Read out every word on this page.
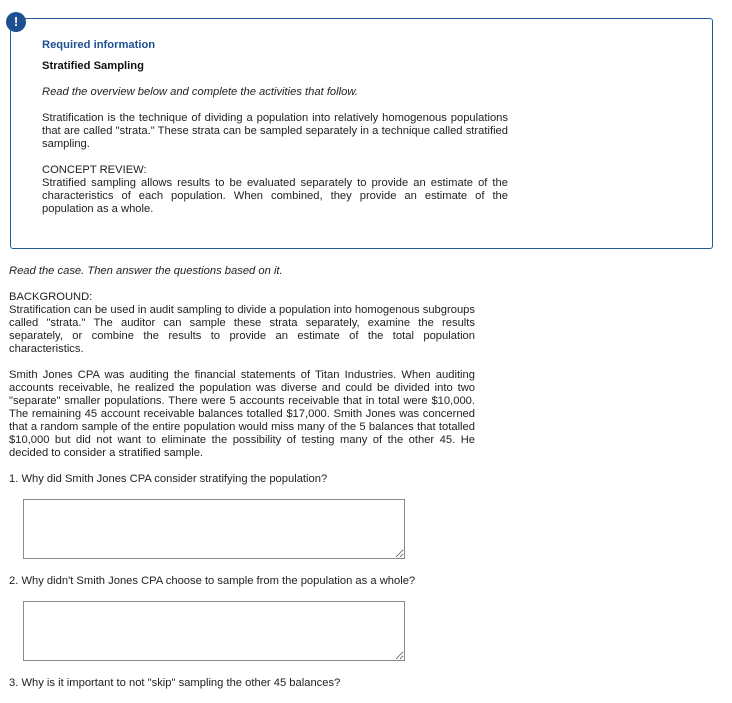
Required information

Stratified Sampling

Read the overview below and complete the activities that follow.

Stratification is the technique of dividing a population into relatively homogenous populations that are called "strata." These strata can be sampled separately in a technique called stratified sampling.

CONCEPT REVIEW:

Stratified sampling allows results to be evaluated separately to provide an estimate of the characteristics of each population. When combined, they provide an estimate of the population as a whole.

!

Read the case. Then answer the questions based on it.

BACKGROUND:

Stratification can be used in audit sampling to divide a population into homogenous subgroups called "strata." The auditor can sample these strata separately, examine the results separately, or combine the results to provide an estimate of the total population characteristics.

Smith Jones CPA was auditing the financial statements of Titan Industries. When auditing accounts receivable, he realized the population was diverse and could be divided into two "separate" smaller populations. There were 5 accounts receivable that in total were $10,000. The remaining 45 account receivable balances totalled $17,000. Smith Jones was concerned that a random sample of the entire population would miss many of the 5 balances that totalled $10,000 but did not want to eliminate the possibility of testing many of the other 45. He decided to consider a stratified sample.

1. Why did Smith Jones CPA consider stratifying the population?

2. Why didn't Smith Jones CPA choose to sample from the population as a whole?

3. Why is it important to not "skip" sampling the other 45 balances?
